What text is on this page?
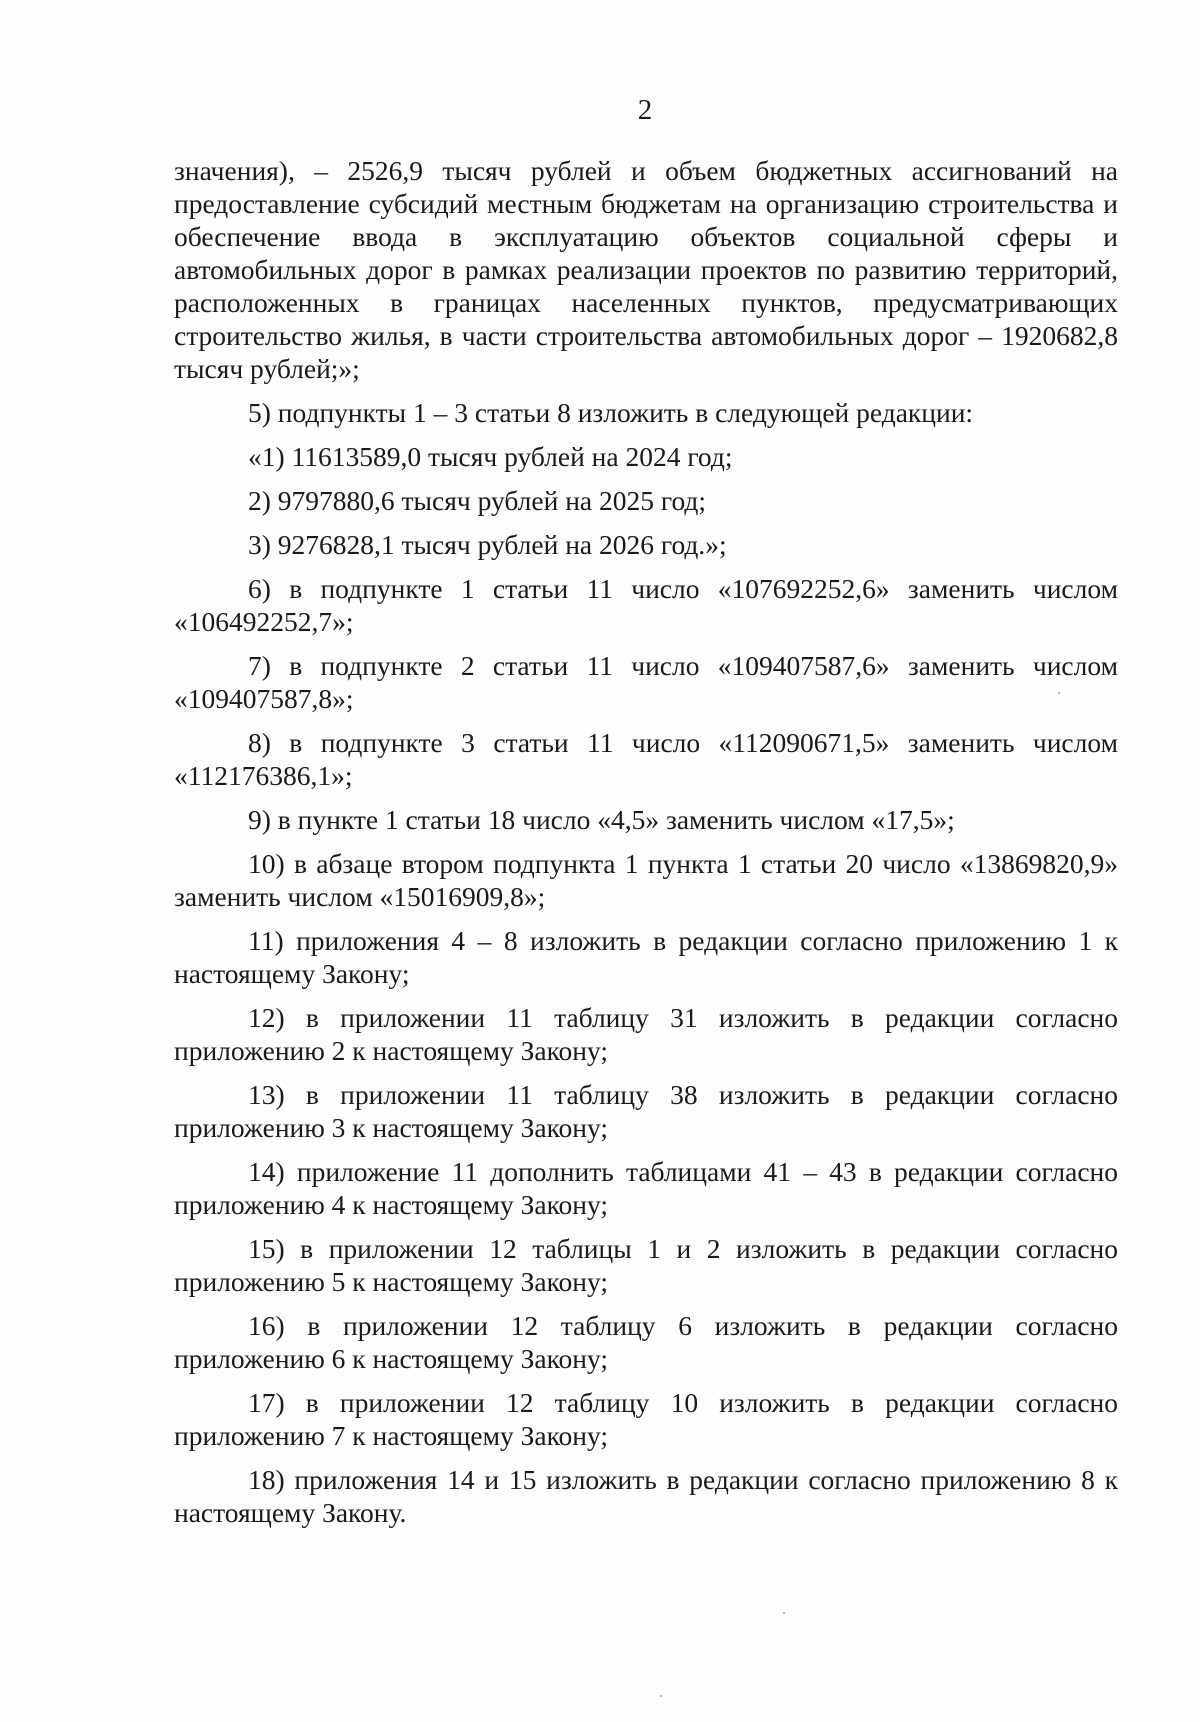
2

значения), – 2526,9 тысяч рублей и объем бюджетных ассигнований на предоставление субсидий местным бюджетам на организацию строительства и обеспечение ввода в эксплуатацию объектов социальной сферы и автомобильных дорог в рамках реализации проектов по развитию территорий, расположенных в границах населенных пунктов, предусматривающих строительство жилья, в части строительства автомобильных дорог – 1920682,8 тысяч рублей;»;

5) подпункты 1 – 3 статьи 8 изложить в следующей редакции:

«1) 11613589,0 тысяч рублей на 2024 год;

2) 9797880,6 тысяч рублей на 2025 год;

3) 9276828,1 тысяч рублей на 2026 год.»;

6) в подпункте 1 статьи 11 число «107692252,6» заменить числом «106492252,7»;

7) в подпункте 2 статьи 11 число «109407587,6» заменить числом «109407587,8»;

8) в подпункте 3 статьи 11 число «112090671,5» заменить числом «112176386,1»;

9) в пункте 1 статьи 18 число «4,5» заменить числом «17,5»;

10) в абзаце втором подпункта 1 пункта 1 статьи 20 число «13869820,9» заменить числом «15016909,8»;

11) приложения 4 – 8 изложить в редакции согласно приложению 1 к настоящему Закону;

12) в приложении 11 таблицу 31 изложить в редакции согласно приложению 2 к настоящему Закону;

13) в приложении 11 таблицу 38 изложить в редакции согласно приложению 3 к настоящему Закону;

14) приложение 11 дополнить таблицами 41 – 43 в редакции согласно приложению 4 к настоящему Закону;

15) в приложении 12 таблицы 1 и 2 изложить в редакции согласно приложению 5 к настоящему Закону;

16) в приложении 12 таблицу 6 изложить в редакции согласно приложению 6 к настоящему Закону;

17) в приложении 12 таблицу 10 изложить в редакции согласно приложению 7 к настоящему Закону;

18) приложения 14 и 15 изложить в редакции согласно приложению 8 к настоящему Закону.
